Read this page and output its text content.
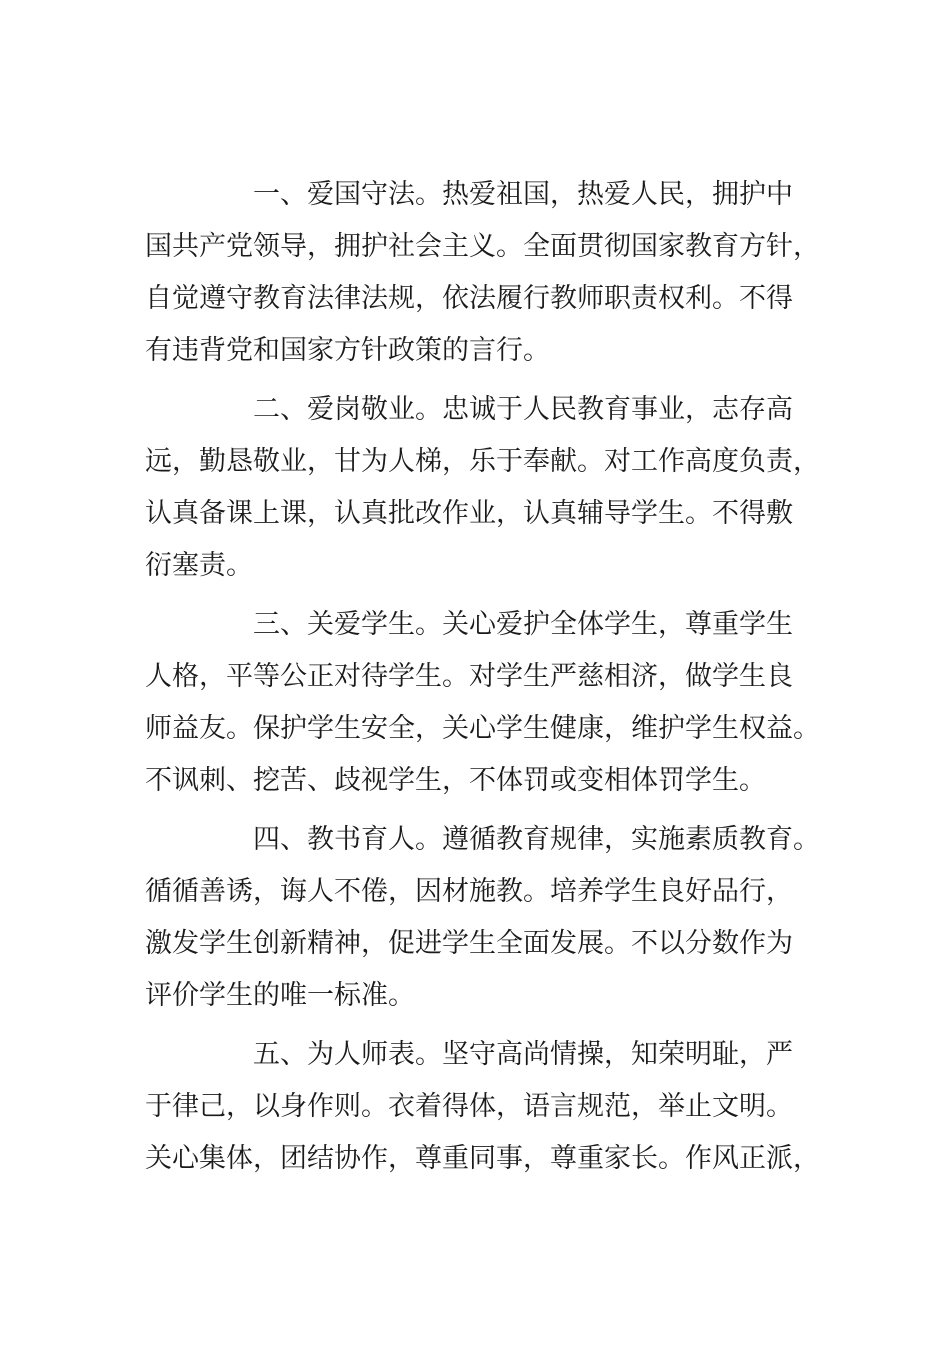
一、爱国守法。热爱祖国，热爱人民，拥护中
国共产党领导，拥护社会主义。全面贯彻国家教育方针，
自觉遵守教育法律法规，依法履行教师职责权利。不得
有违背党和国家方针政策的言行。
二、爱岗敬业。忠诚于人民教育事业，志存高
远，勤恳敬业，甘为人梯，乐于奉献。对工作高度负责，
认真备课上课，认真批改作业，认真辅导学生。不得敷
衍塞责。
三、关爱学生。关心爱护全体学生，尊重学生
人格，平等公正对待学生。对学生严慈相济，做学生良
师益友。保护学生安全，关心学生健康，维护学生权益。
不讽刺、挖苦、歧视学生，不体罚或变相体罚学生。
四、教书育人。遵循教育规律，实施素质教育。
循循善诱，诲人不倦，因材施教。培养学生良好品行，
激发学生创新精神，促进学生全面发展。不以分数作为
评价学生的唯一标准。
五、为人师表。坚守高尚情操，知荣明耻，严
于律己，以身作则。衣着得体，语言规范，举止文明。
关心集体，团结协作，尊重同事，尊重家长。作风正派，
